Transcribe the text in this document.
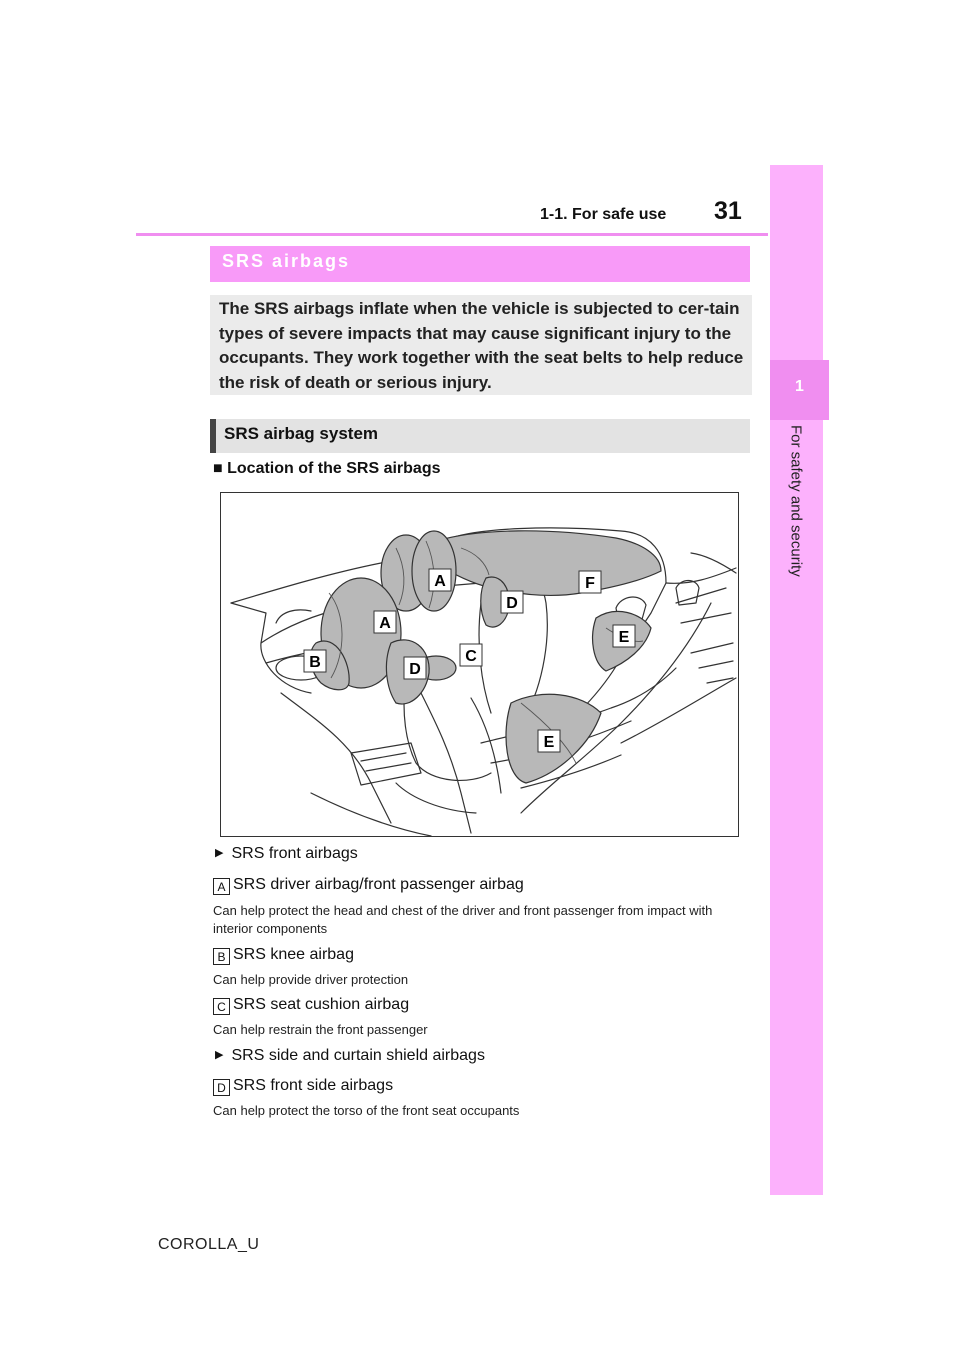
1-1. For safe use 31
1
For safety and security
SRS airbags
The SRS airbags inflate when the vehicle is subjected to cer-tain types of severe impacts that may cause significant injury to the occupants. They work together with the seat belts to help reduce the risk of death or serious injury.
SRS airbag system
■ Location of the SRS airbags
A
A
B	C
D
D
E
E
F
▶ SRS front airbags
A SRS driver airbag/front passenger airbag
Can help protect the head and chest of the driver and front passenger from impact with interior components
B SRS knee airbag
Can help provide driver protection
C SRS seat cushion airbag
Can help restrain the front passenger
▶ SRS side and curtain shield airbags
D SRS front side airbags
Can help protect the torso of the front seat occupants
COROLLA_U
